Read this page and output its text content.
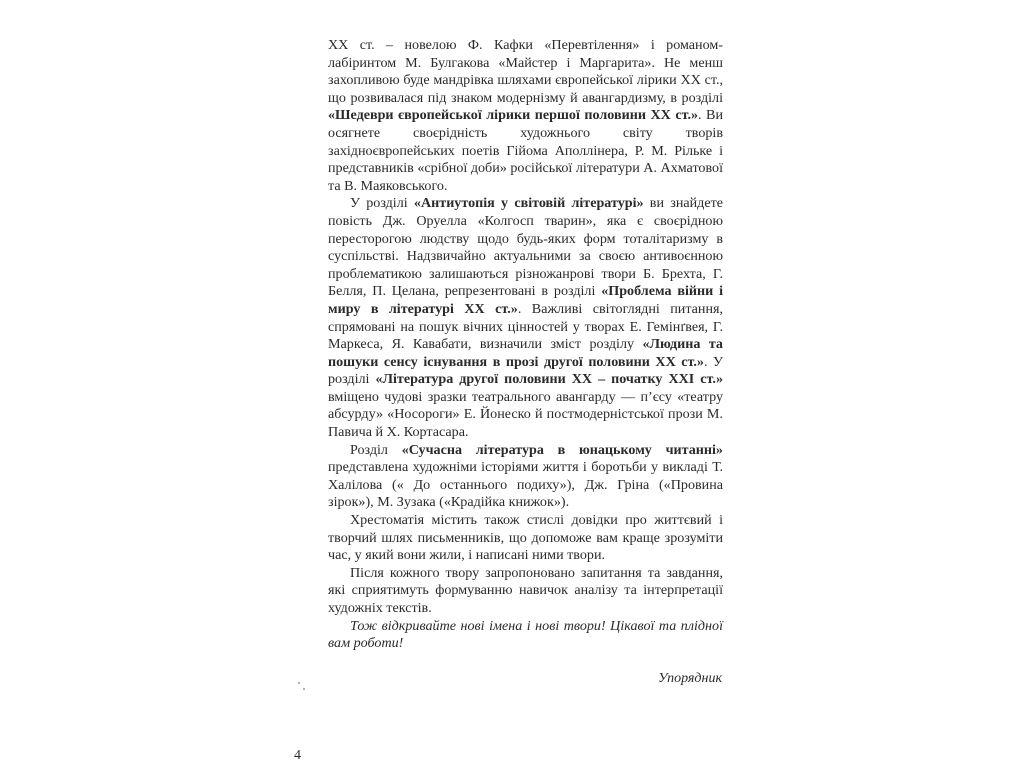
XX ст. – новелою Ф. Кафки «Перевтілення» і романом-лабіринтом М. Булгакова «Майстер і Маргарита». Не менш захопливою буде мандрівка шляхами європейської лірики XX ст., що розвивалася під знаком модернізму й авангардизму, в розділі «Шедеври європейської лірики першої половини XX ст.». Ви осягнете своєрідність художнього світу творів західноєвропейських поетів Гійома Аполлінера, Р. М. Рільке і представників «срібної доби» російської літератури А. Ахматової та В. Маяковського.

У розділі «Антиутопія у світовій літературі» ви знайдете повість Дж. Оруелла «Колгосп тварин», яка є своєрідною пересторогою людству щодо будь-яких форм тоталітаризму в суспільстві. Надзвичайно актуальними за своєю антивоєнною проблематикою залишаються різножанрові твори Б. Брехта, Г. Белля, П. Целана, репрезентовані в розділі «Проблема війни і миру в літературі XX ст.». Важливі світоглядні питання, спрямовані на пошук вічних цінностей у творах Е. Гемінґвея, Г. Маркеса, Я. Кавабати, визначили зміст розділу «Людина та пошуки сенсу існування в прозі другої половини XX ст.». У розділі «Література другої половини XX – початку XXI ст.» вміщено чудові зразки театрального авангарду — п’єсу «театру абсурду» «Носороги» Е. Йонеско й постмодерністської прози М. Павича й Х. Кортасара.

Розділ «Сучасна література в юнацькому читанні» представлена художніми історіями життя і боротьби у викладі Т. Халілова (« До останнього подиху»), Дж. Гріна («Провина зірок»), М. Зузака («Крадійка книжок»).

Хрестоматія містить також стислі довідки про життєвий і творчий шлях письменників, що допоможе вам краще зрозуміти час, у який вони жили, і написані ними твори.

Після кожного твору запропоновано запитання та завдання, які сприятимуть формуванню навичок аналізу та інтерпретації художніх текстів.

Тож відкривайте нові імена і нові твори! Цікавої та плідної вам роботи!

Упорядник
4
